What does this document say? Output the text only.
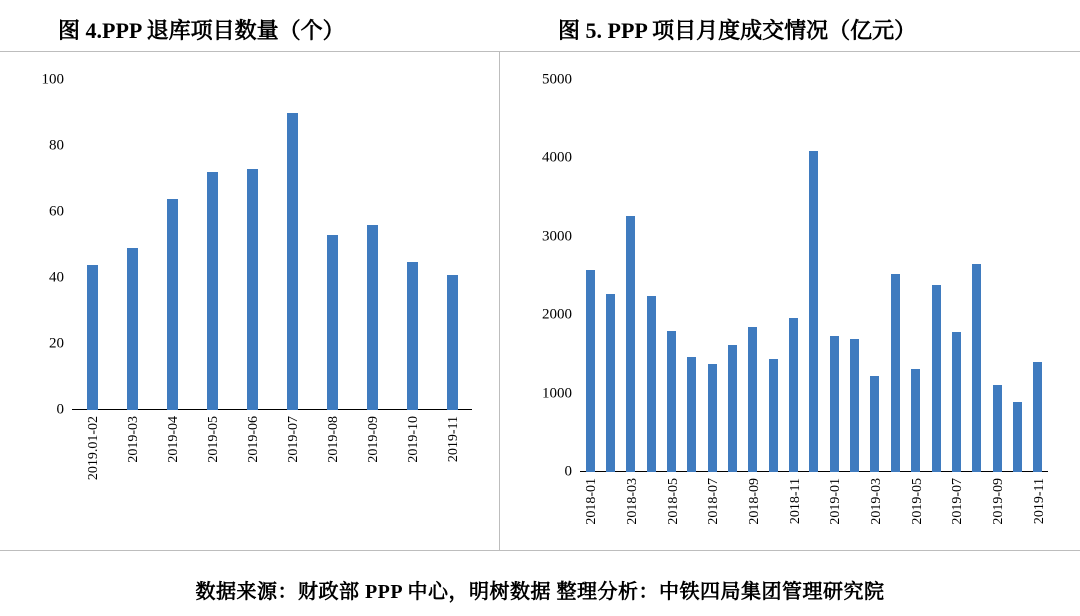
图 4.PPP 退库项目数量（个）	图 5. PPP 项目月度成交情况（亿元）
2019.01-02 2019-03 2019-04 2019-05 2019-06 2019-07 2019-08 2019-09 2019-10 2019-11
0
20
40
60
80
100
2018-01 2018-03 2018-05 2018-07 2018-09 2018-11 2019-01 2019-03 2019-05 2019-07 2019-09 2019-11
0
1000
2000
3000
4000
5000
数据来源：财政部 PPP 中心，明树数据 整理分析：中铁四局集团管理研究院
